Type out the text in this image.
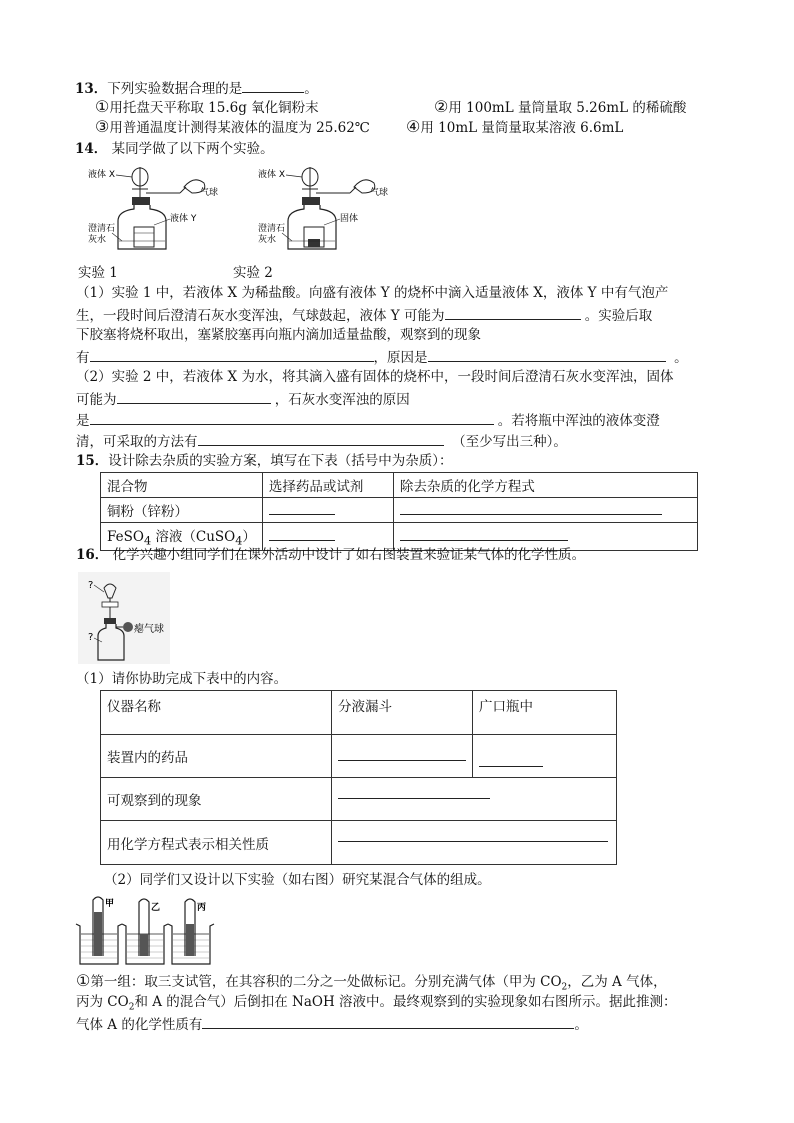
13．下列实验数据合理的是	。
①用托盘天平称取 15.6g 氧化铜粉末	②用 100mL 量筒量取 5.26mL 的稀硫酸
③用普通温度计测得某液体的温度为 25.62℃ ④用 10mL 量筒量取某溶液 6.6mL
14． 某同学做了以下两个实验。
液体 X
气球
液体 Y
澄清石
灰水
液体 X
气球
固体
澄清石
灰水
实验 1	实验 2
（1）实验 1 中，若液体 X 为稀盐酸。向盛有液体 Y 的烧杯中滴入适量液体 X，液体 Y 中有气泡产
生，一段时间后澄清石灰水变浑浊，气球鼓起，液体 Y 可能为	。实验后取
下胶塞将烧杯取出，塞紧胶塞再向瓶内滴加适量盐酸，观察到的现象
有	，原因是	。
（2）实验 2 中，若液体 X 为水，将其滴入盛有固体的烧杯中，一段时间后澄清石灰水变浑浊，固体
可能为	，石灰水变浑浊的原因
是	。若将瓶中浑浊的液体变澄
清，可采取的方法有	（至少写出三种）。
15．设计除去杂质的实验方案，填写在下表（括号中为杂质）：
混合物	选择药品或试剂	除去杂质的化学方程式
铜粉（锌粉）		
FeSO$_4$ 溶液（CuSO$_4$）		
16． 化学兴趣小组同学们在课外活动中设计了如右图装置来验证某气体的化学性质。
?
瘪气球
?
（1）请你协助完成下表中的内容。
仪器名称	分液漏斗	广口瓶中
装置内的药品		
可观察到的现象		
用化学方程式表示相关性质		
（2）同学们又设计以下实验（如右图）研究某混合气体的组成。
甲	乙	丙
①第一组：取三支试管，在其容积的二分之一处做标记。分别充满气体（甲为 $CO_2$，乙为 A 气体，
丙为 $CO_2$和 A 的混合气）后倒扣在 NaOH 溶液中。最终观察到的实验现象如右图所示。据此推测：
气体 A 的化学性质有	。
